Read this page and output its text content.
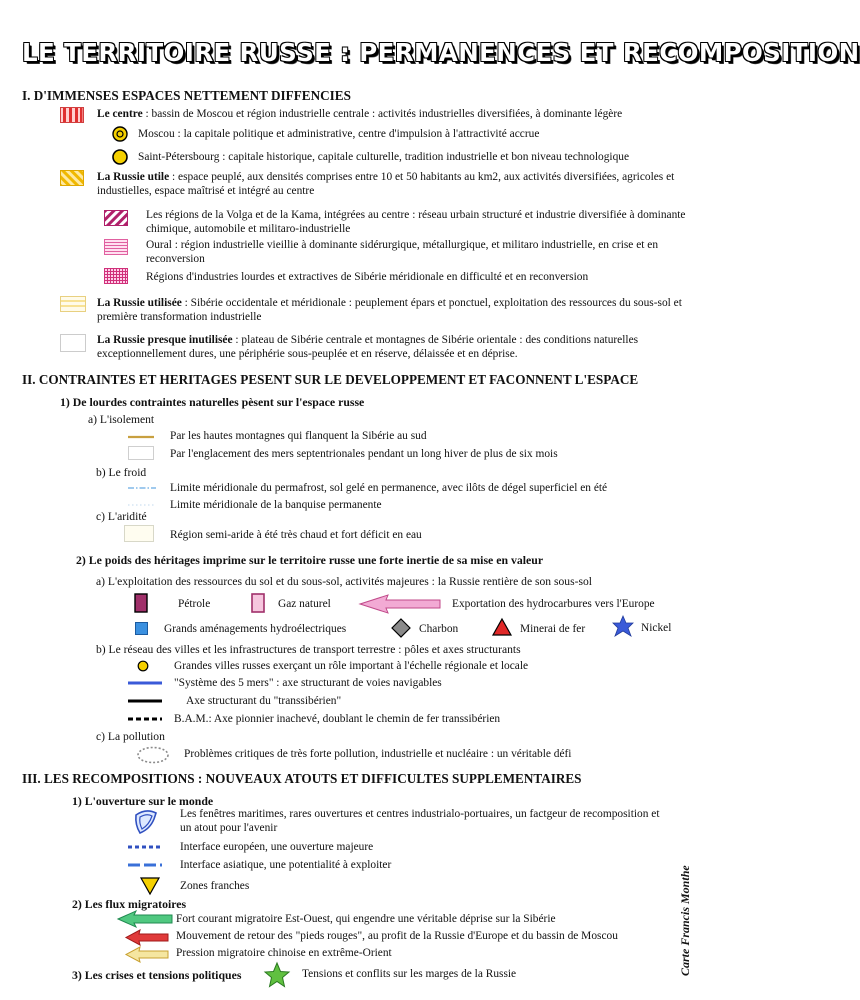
LE TERRITOIRE RUSSE : PERMANENCES ET RECOMPOSITION
I. D'IMMENSES ESPACES NETTEMENT DIFFENCIES
Le centre : bassin de Moscou et région industrielle centrale : activités industrielles diversifiées, à dominante légère
Moscou : la capitale politique et administrative, centre d'impulsion à l'attractivité accrue
Saint-Pétersbourg : capitale historique, capitale culturelle, tradition industrielle et bon niveau technologique
La Russie utile : espace peuplé, aux densités comprises entre 10 et 50 habitants au km2, aux activités diversifiées, agricoles et industielles, espace maîtrisé et intégré au centre
Les régions de la Volga et de la Kama, intégrées au centre : réseau urbain structuré et industrie diversifiée à dominante chimique, automobile et militaro-industrielle
Oural : région industrielle vieillie à dominante sidérurgique, métallurgique, et militaro industrielle, en crise et en reconversion
Régions d'industries lourdes et extractives de Sibérie méridionale en difficulté et en reconversion
La Russie utilisée : Sibérie occidentale et méridionale : peuplement épars et ponctuel, exploitation des ressources du sous-sol et première transformation industrielle
La Russie presque inutilisée : plateau de Sibérie centrale et montagnes de Sibérie orientale : des conditions naturelles exceptionnellement dures, une périphérie sous-peuplée et en réserve, délaissée et en déprise.
II. CONTRAINTES ET HERITAGES PESENT SUR LE DEVELOPPEMENT ET FACONNENT L'ESPACE
1) De lourdes contraintes naturelles pèsent sur l'espace russe
a) L'isolement
Par les hautes montagnes qui flanquent la Sibérie au sud
Par l'englacement des mers septentrionales pendant un long hiver de plus de six mois
b) Le froid
Limite méridionale du permafrost, sol gelé en permanence, avec ilôts de dégel superficiel en été
Limite méridionale de la banquise permanente
c) L'aridité
Région semi-aride à été très chaud et fort déficit en eau
2) Le poids des héritages imprime sur le territoire russe une forte inertie de sa mise en valeur
a) L'exploitation des ressources du sol et du sous-sol, activités majeures : la Russie rentière de son sous-sol
Pétrole	Gaz naturel	Exportation des hydrocarbures vers l'Europe
Grands aménagements hydroélectriques	Charbon	Minerai de fer	Nickel
b) Le réseau des villes et les infrastructures de transport terrestre : pôles et axes structurants
Grandes villes russes exerçant un rôle important à l'échelle régionale et locale
"Système des 5 mers" : axe structurant de voies navigables
Axe structurant du "transsibérien"
B.A.M.: Axe pionnier inachevé, doublant le chemin de fer transsibérien
c) La pollution
Problèmes critiques de très forte pollution, industrielle et nucléaire : un véritable défi
III. LES RECOMPOSITIONS : NOUVEAUX ATOUTS ET DIFFICULTES SUPPLEMENTAIRES
1) L'ouverture sur le monde
Les fenêtres maritimes, rares ouvertures et centres industrialo-portuaires, un factgeur de recomposition et un atout pour l'avenir
Interface européen, une ouverture majeure
Interface asiatique, une potentialité à exploiter
Zones franches
2) Les flux migratoires
Fort courant migratoire Est-Ouest, qui engendre une véritable déprise sur la Sibérie
Mouvement de retour des "pieds rouges", au profit de la Russie d'Europe et du bassin de Moscou
Pression migratoire chinoise en extrême-Orient
3) Les crises et tensions politiques	Tensions et conflits sur les marges de la Russie	Carte Francis Monthe
